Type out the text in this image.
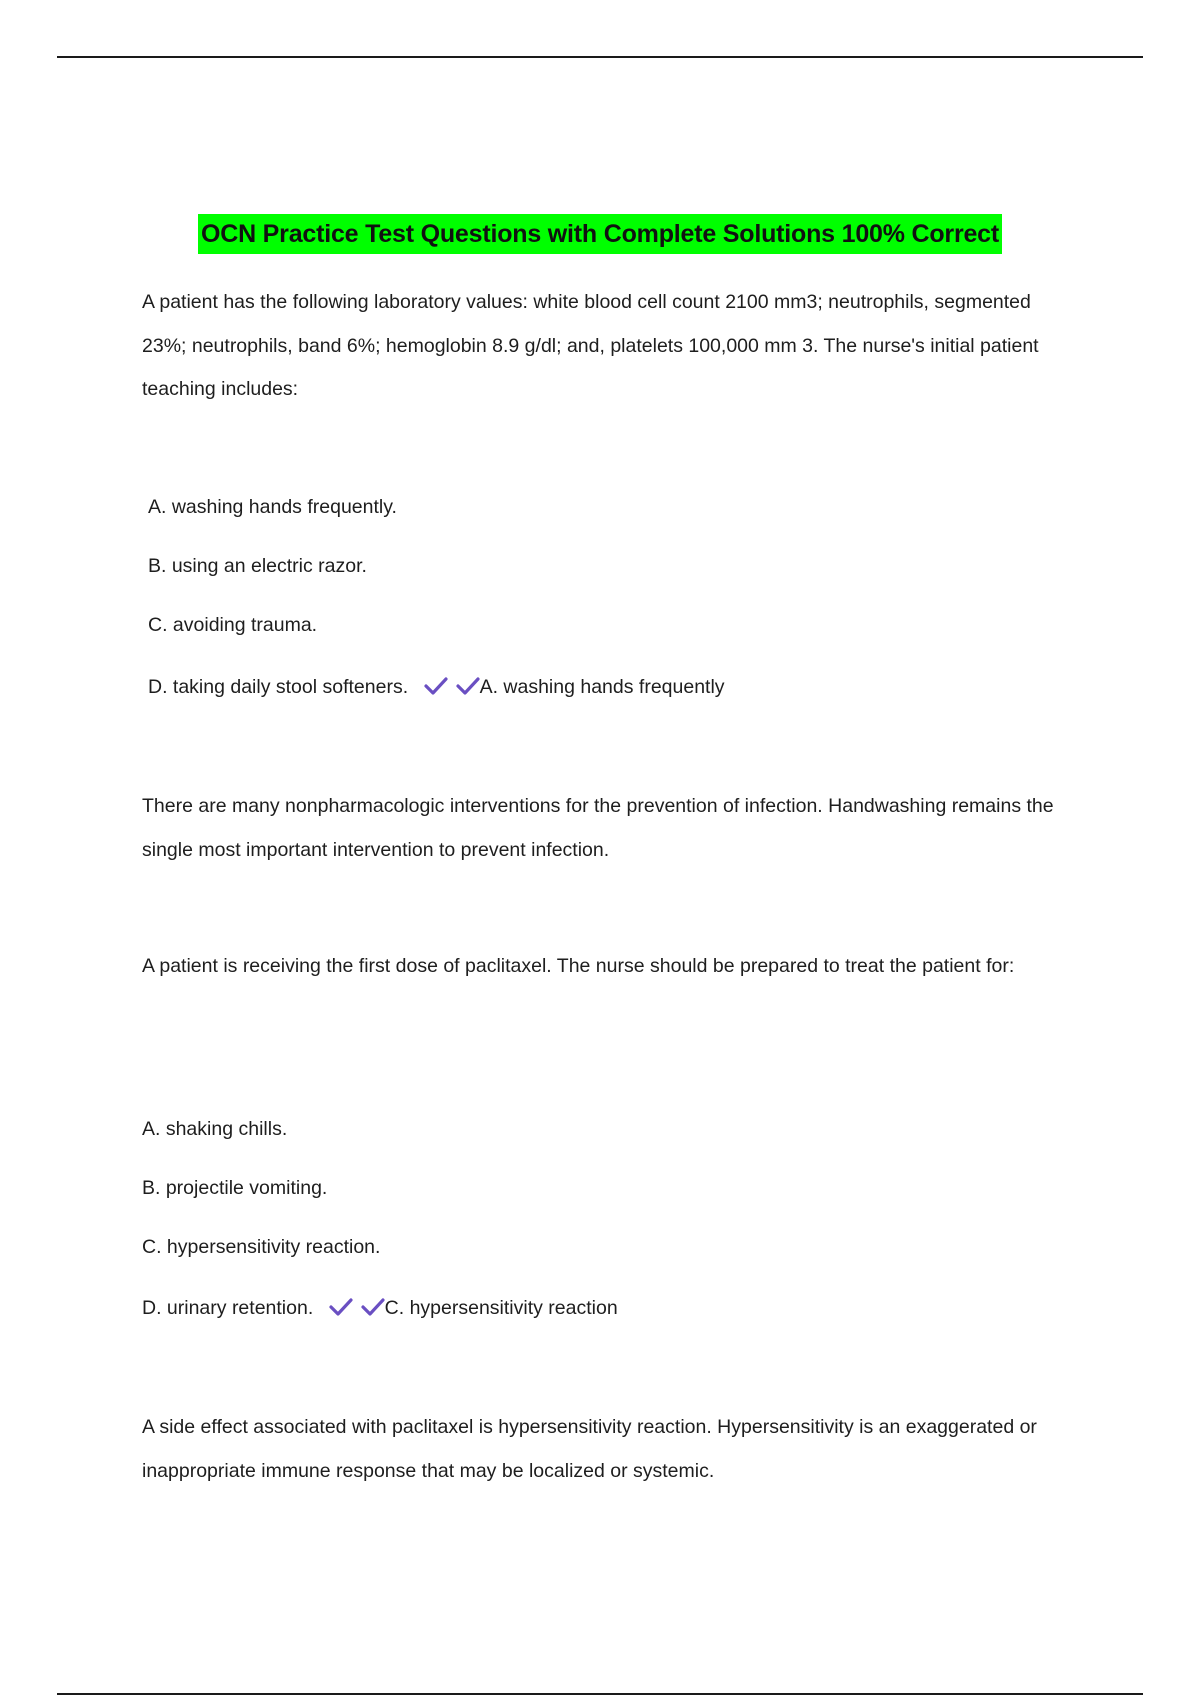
OCN Practice Test Questions with Complete Solutions 100% Correct

A patient has the following laboratory values: white blood cell count 2100 mm3; neutrophils, segmented 23%; neutrophils, band 6%; hemoglobin 8.9 g/dl; and, platelets 100,000 mm 3. The nurse's initial patient teaching includes:

A. washing hands frequently.

B. using an electric razor.

C. avoiding trauma.

D. taking daily stool softeners.	A. washing hands frequently

There are many nonpharmacologic interventions for the prevention of infection. Handwashing remains the single most important intervention to prevent infection.

A patient is receiving the first dose of paclitaxel. The nurse should be prepared to treat the patient for:

A. shaking chills.

B. projectile vomiting.

C. hypersensitivity reaction.

D. urinary retention.	C. hypersensitivity reaction

A side effect associated with paclitaxel is hypersensitivity reaction. Hypersensitivity is an exaggerated or inappropriate immune response that may be localized or systemic.
